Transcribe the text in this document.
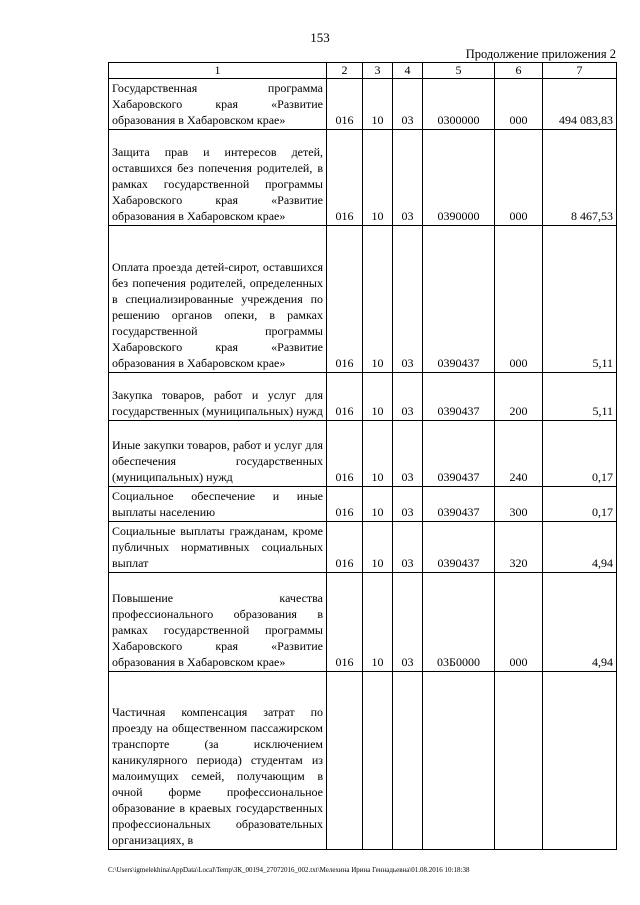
153
Продолжение приложения 2
1	2	3	4	5	6	7
Государственная программа Хабаровского края «Развитие образования в Хабаровском крае»	016	10	03	0300000	000	494 083,83
Защита прав и интересов детей, оставшихся без попечения родителей, в рамках государственной программы Хабаровского края «Развитие образования в Хабаровском крае»	016	10	03	0390000	000	8 467,53
Оплата проезда детей-сирот, оставшихся без попечения родителей, определенных в специализированные учреждения по решению органов опеки, в рамках государственной программы Хабаровского края «Развитие образования в Хабаровском крае»	016	10	03	0390437	000	5,11
Закупка товаров, работ и услуг для государственных (муниципальных) нужд	016	10	03	0390437	200	5,11
Иные закупки товаров, работ и услуг для обеспечения государственных (муниципальных) нужд	016	10	03	0390437	240	0,17
Социальное обеспечение и иные выплаты населению	016	10	03	0390437	300	0,17
Социальные выплаты гражданам, кроме публичных нормативных социальных выплат	016	10	03	0390437	320	4,94
Повышение качества профессионального образования в рамках государственной программы Хабаровского края «Развитие образования в Хабаровском крае»	016	10	03	03Б0000	000	4,94
Частичная компенсация затрат по проезду на общественном пассажирском транспорте (за исключением каникулярного периода) студентам из малоимущих семей, получающим в очной форме профессиональное образование в краевых государственных профессиональных образовательных организациях, в						
C:\Users\igmelekhina\AppData\Local\Temp\ЗК_00194_27072016_002.txt\Мелехина Ирина Геннадьевна\01.08.2016 10:18:38
